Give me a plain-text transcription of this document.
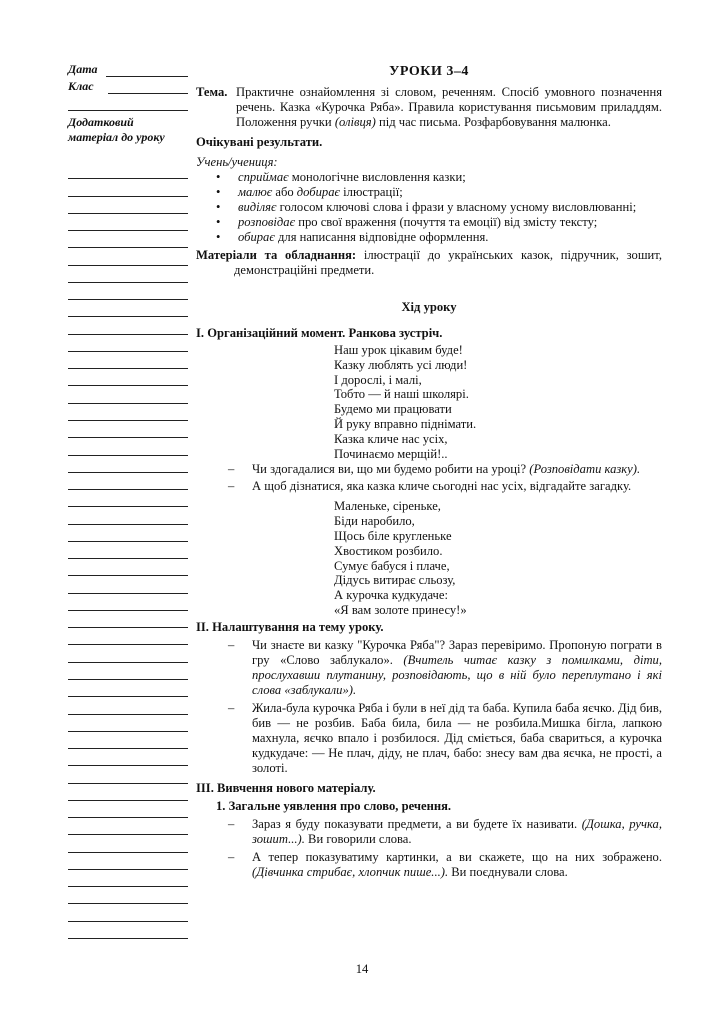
Дата
Клас
Додатковий
матеріал до уроку
УРОКИ 3–4
Тема. Практичне ознайомлення зі словом, реченням. Спосіб умовного позначення речень. Казка «Курочка Ряба». Правила користування письмовим приладдям. Положення ручки (олівця) під час письма. Розфарбовування малюнка.
Очікувані результати.
Учень/учениця:
• сприймає монологічне висловлення казки;
• малює або добирає ілюстрації;
• виділяє голосом ключові слова і фрази у власному усному висловлюванні;
• розповідає про свої враження (почуття та емоції) від змісту тексту;
• обирає для написання відповідне оформлення.
Матеріали та обладнання: ілюстрації до українських казок, підручник, зошит, демонстраційні предмети.
Хід уроку
І. Організаційний момент. Ранкова зустріч.
Наш урок цікавим буде!
Казку люблять усі люди!
І дорослі, і малі,
Тобто — й наші школярі.
Будемо ми працювати
Й руку вправно піднімати.
Казка кличе нас усіх,
Починаємо мерщій!..
–	Чи здогадалися ви, що ми будемо робити на уроці? (Розповідати казку).
–	А щоб дізнатися, яка казка кличе сьогодні нас усіх, відгадайте загадку.
Маленьке, сіреньке,
Біди наробило,
Щось біле кругленьке
Хвостиком розбило.
Сумує бабуся і плаче,
Дідусь витирає сльозу,
А курочка кудкудаче:
«Я вам золоте принесу!»
ІІ. Налаштування на тему уроку.
–	Чи знаєте ви казку "Курочка Ряба"? Зараз перевіримо. Пропоную пограти в гру «Слово заблукало». (Вчитель читає казку з помилками, діти, прослухавши плутанину, розповідають, що в ній було переплутано і які слова «заблукали»).
–	Жила-була курочка Ряба і були в неї дід та баба. Купила баба яєчко. Дід бив, бив — не розбив. Баба била, била — не розбила.Мишка бігла, лапкою махнула, яєчко впало і розбилося. Дід сміється, баба свариться, а курочка кудкудаче: — Не плач, діду, не плач, бабо: знесу вам два яєчка, не прості, а золоті.
ІІІ. Вивчення нового матеріалу.
1. Загальне уявлення про слово, речення.
–	Зараз я буду показувати предмети, а ви будете їх називати. (Дошка, ручка, зошит...). Ви говорили слова.
–	А тепер показуватиму картинки, а ви скажете, що на них зображено. (Дівчинка стрибає, хлопчик пише...). Ви поєднували слова.
14
